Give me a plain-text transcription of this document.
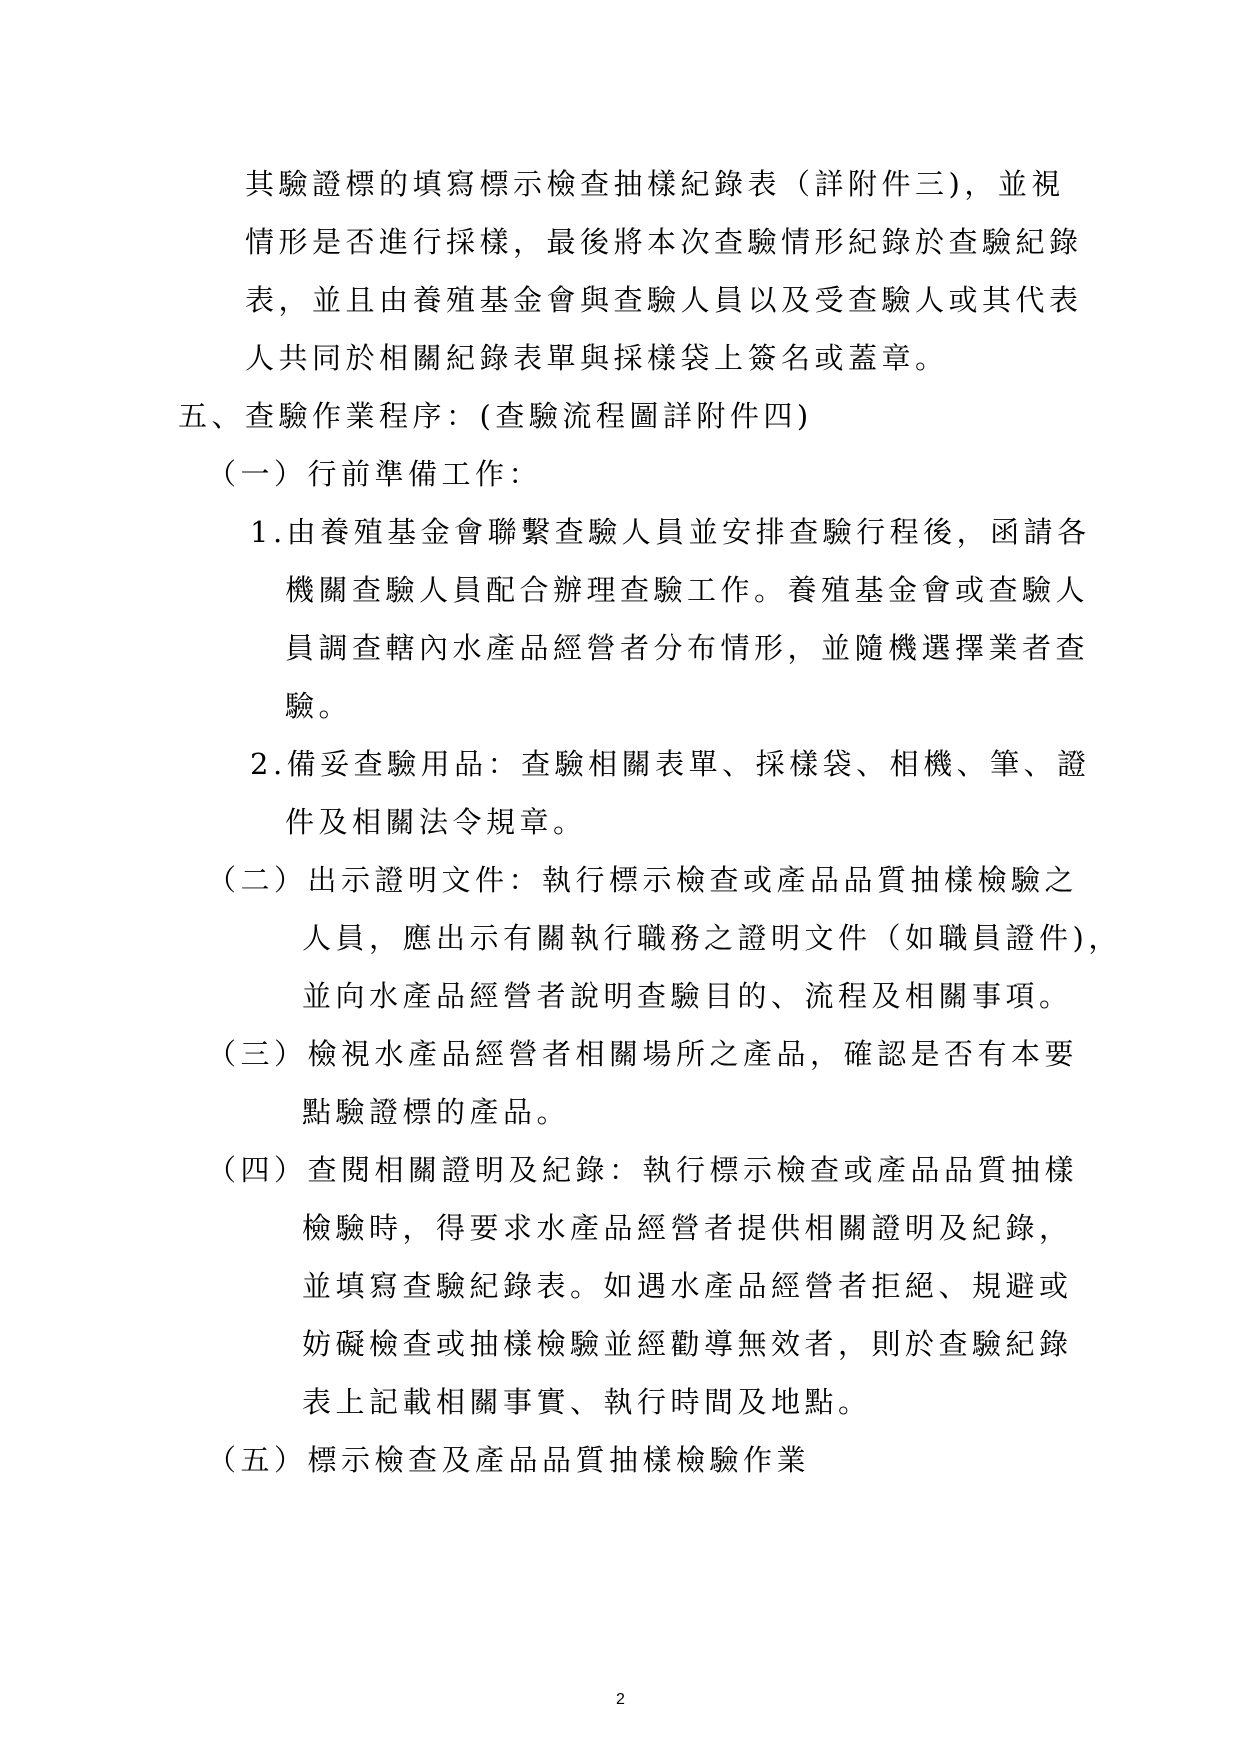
其驗證標的填寫標示檢查抽樣紀錄表（詳附件三)，並視
情形是否進行採樣，最後將本次查驗情形紀錄於查驗紀錄
表，並且由養殖基金會與查驗人員以及受查驗人或其代表
人共同於相關紀錄表單與採樣袋上簽名或蓋章。
五、查驗作業程序：(查驗流程圖詳附件四)
（一）行前準備工作：
1.由養殖基金會聯繫查驗人員並安排查驗行程後，函請各
機關查驗人員配合辦理查驗工作。養殖基金會或查驗人
員調查轄內水產品經營者分布情形，並隨機選擇業者查
驗。
2.備妥查驗用品：查驗相關表單、採樣袋、相機、筆、證
件及相關法令規章。
（二）出示證明文件：執行標示檢查或產品品質抽樣檢驗之
人員，應出示有關執行職務之證明文件（如職員證件)，
並向水產品經營者說明查驗目的、流程及相關事項。
（三）檢視水產品經營者相關場所之產品，確認是否有本要
點驗證標的產品。
（四）查閱相關證明及紀錄：執行標示檢查或產品品質抽樣
檢驗時，得要求水產品經營者提供相關證明及紀錄，
並填寫查驗紀錄表。如遇水產品經營者拒絕、規避或
妨礙檢查或抽樣檢驗並經勸導無效者，則於查驗紀錄
表上記載相關事實、執行時間及地點。
（五）標示檢查及產品品質抽樣檢驗作業
2
